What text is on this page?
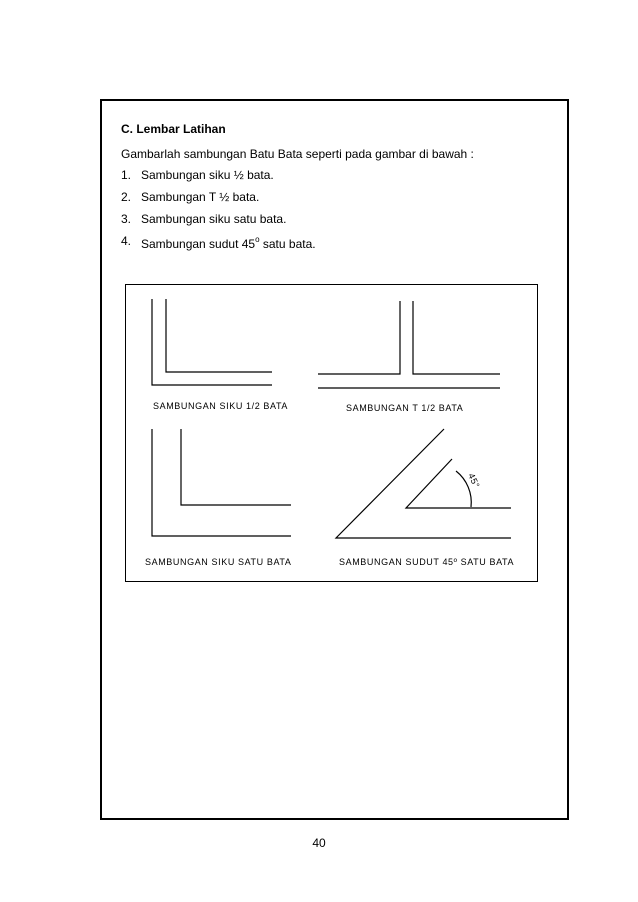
C. Lembar Latihan
Gambarlah sambungan Batu Bata seperti pada gambar di bawah :
1. Sambungan siku ½ bata.
2. Sambungan T ½ bata.
3. Sambungan siku satu bata.
4. Sambungan sudut 45$^o$ satu bata.
45°
SAMBUNGAN SIKU 1/2 BATA	SAMBUNGAN T 1/2 BATA
SAMBUNGAN SIKU SATU BATA	SAMBUNGAN SUDUT 45º SATU BATA
40
